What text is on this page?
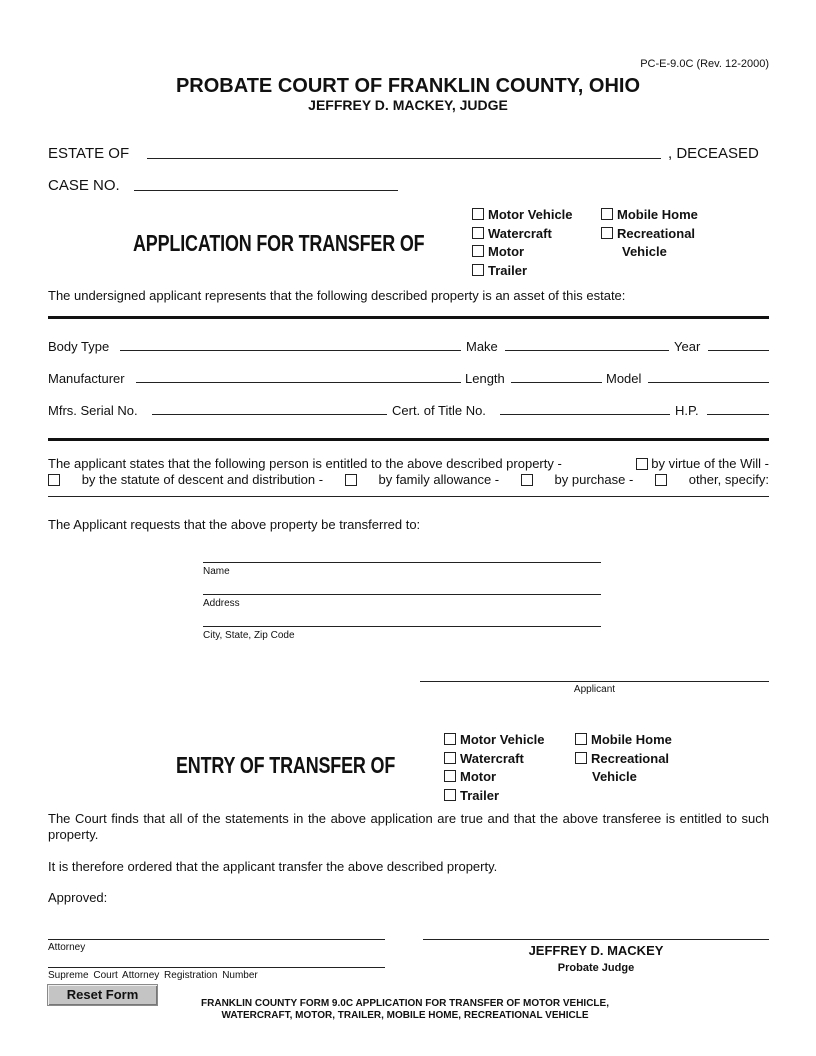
PC-E-9.0C (Rev. 12-2000)
PROBATE COURT OF FRANKLIN COUNTY, OHIO
JEFFREY D. MACKEY, JUDGE
ESTATE OF	, DECEASED
CASE NO.
APPLICATION FOR TRANSFER OF
Motor Vehicle
Watercraft
Motor
Trailer
Mobile Home
Recreational
Vehicle
The undersigned applicant represents that the following described property is an asset of this estate:
Body Type	Make	Year
Manufacturer	Length	Model
Mfrs. Serial No.	Cert. of Title No.	H.P.
The applicant states that the following person is entitled to the above described property -
	by virtue of the Will -
by the statute of descent and distribution -	by family allowance -	by purchase -	other, specify:
The Applicant requests that the above property be transferred to:
Name
Address
City, State, Zip Code
Applicant
ENTRY OF TRANSFER OF
Motor Vehicle
Watercraft
Motor
Trailer
Mobile Home
Recreational
Vehicle
The Court finds that all of the statements in the above application are true and that the above transferee is entitled to such property.
It is therefore ordered that the applicant transfer the above described property.
Approved:
Attorney
Supreme Court Attorney Registration Number
JEFFREY D. MACKEY
Probate Judge
Reset Form
FRANKLIN COUNTY FORM 9.0C APPLICATION FOR TRANSFER OF MOTOR VEHICLE,
WATERCRAFT, MOTOR, TRAILER, MOBILE HOME, RECREATIONAL VEHICLE
